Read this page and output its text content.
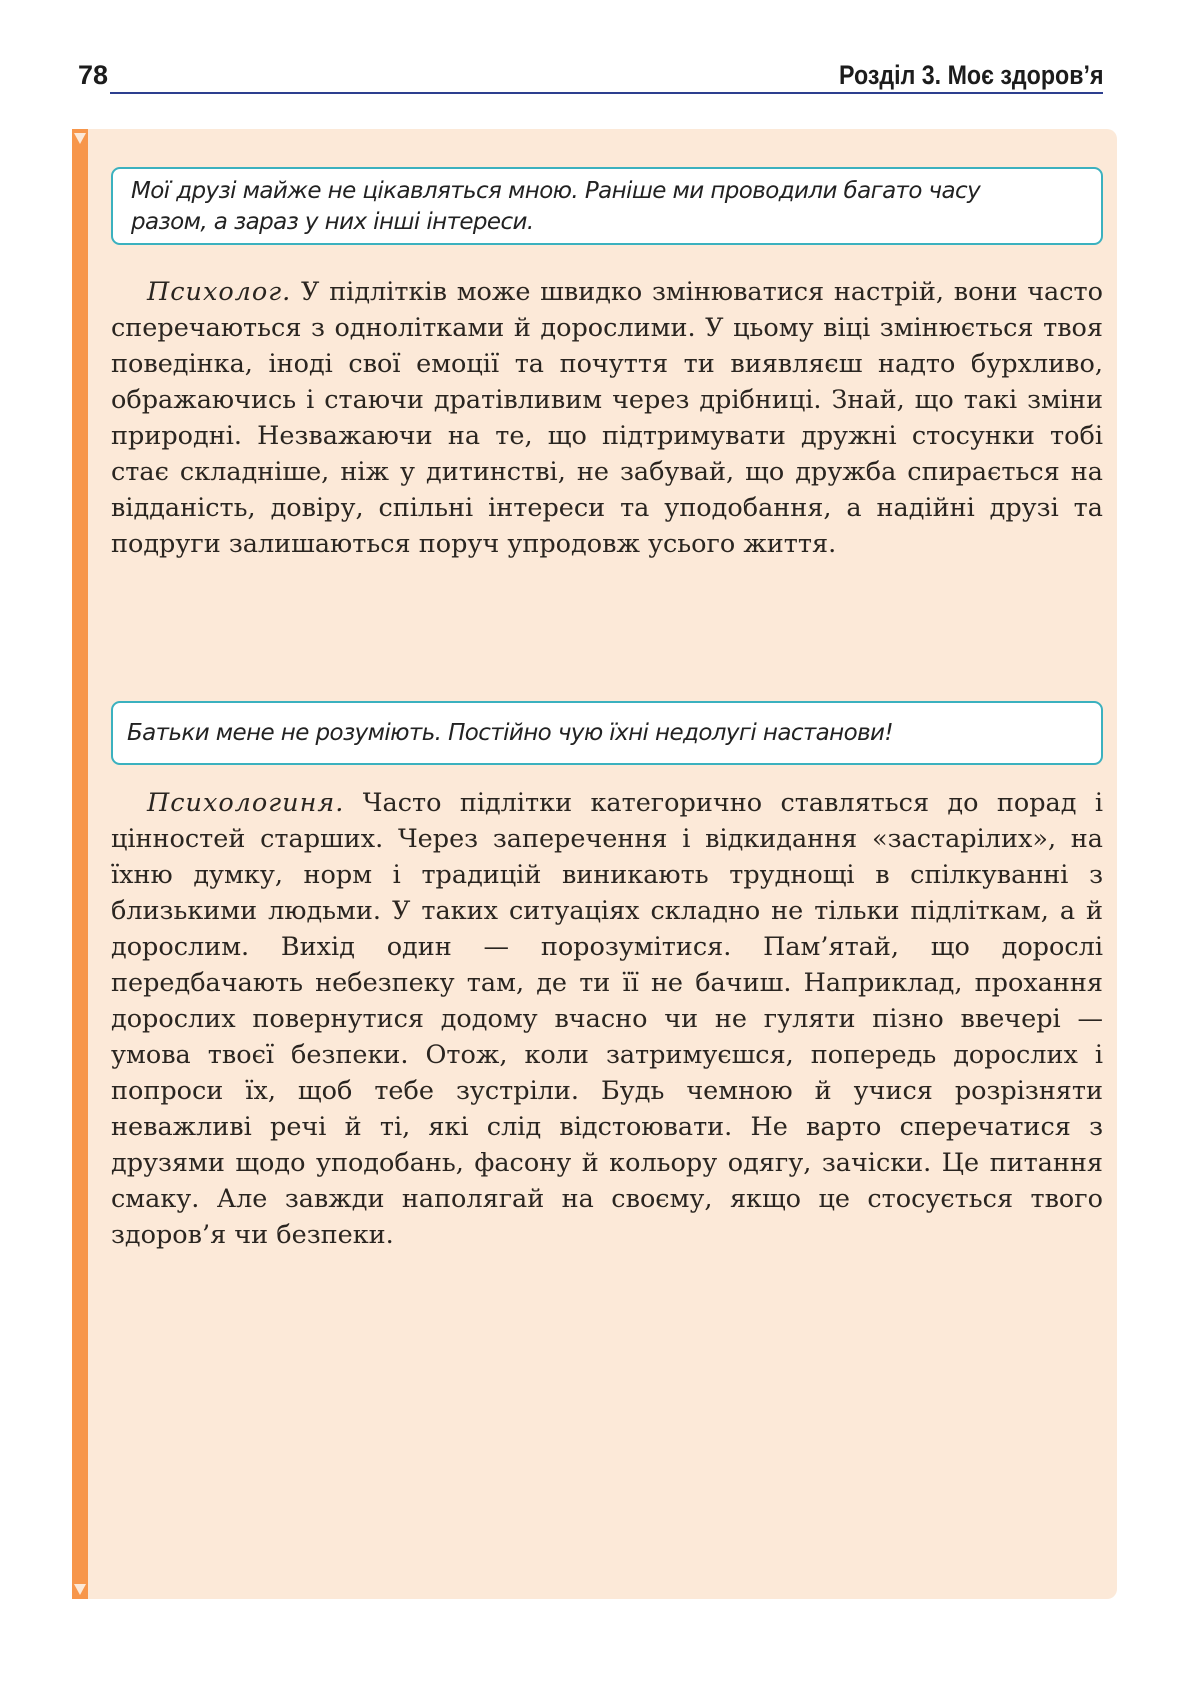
78	Розділ 3. Моє здоров’я
Мої друзі майже не цікавляться мною. Раніше ми проводили багато часу
разом, а зараз у них інші інтереси.

Психолог. У підлітків може швидко змінюватися настрій, вони часто сперечаються з однолітками й дорослими. У цьому віці змінюється твоя поведінка, іноді свої емоції та почуття ти виявляєш надто бурхливо, ображаючись і стаючи дратівливим через дрібниці. Знай, що такі зміни природні. Незважаючи на те, що підтримувати дружні стосунки тобі стає складніше, ніж у дитинстві, не забувай, що дружба спирається на відданість, довіру, спільні інтереси та уподобання, а надійні друзі та подруги залишаються поруч упродовж усього життя.

Батьки мене не розуміють. Постійно чую їхні недолугі настанови!

Психологиня. Часто підлітки категорично ставляться до порад і цінностей старших. Через заперечення і відкидання «застарілих», на їхню думку, норм і традицій виникають труднощі в спілкуванні з близькими людьми. У таких ситуаціях складно не тільки підліткам, а й дорослим. Вихід один — порозумітися. Пам’ятай, що дорослі передбачають небезпеку там, де ти її не бачиш. Наприклад, прохання дорослих повернутися додому вчасно чи не гуляти пізно ввечері — умова твоєї безпеки. Отож, коли затримуєшся, попередь дорослих і попроси їх, щоб тебе зустріли. Будь чемною й учися розрізняти неважливі речі й ті, які слід відстоювати. Не варто сперечатися з друзями щодо уподобань, фасону й кольору одягу, зачіски. Це питання смаку. Але завжди наполягай на своєму, якщо це стосується твого здоров’я чи безпеки.
